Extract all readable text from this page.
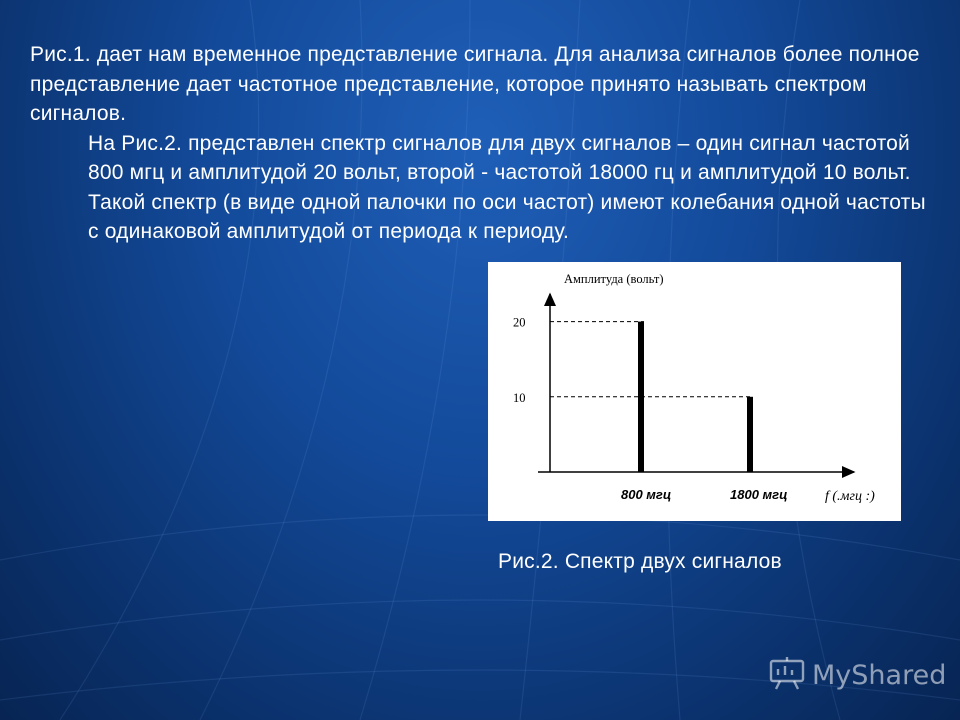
Рис.1. дает нам временное представление сигнала. Для анализа сигналов более полное представление дает частотное представление, которое принято называть спектром сигналов.

На Рис.2. представлен спектр сигналов для двух сигналов – один сигнал частотой 800 мгц и амплитудой 20 вольт, второй - частотой 18000 гц и амплитудой 10 вольт. Такой спектр (в виде одной палочки по оси частот) имеют колебания одной частоты с одинаковой амплитудой от периода к периоду.

Амплитуда (вольт)
f (.мгц :)
800 мгц	1800 мгц
20
10
Рис.2. Спектр двух сигналов
MyShared
